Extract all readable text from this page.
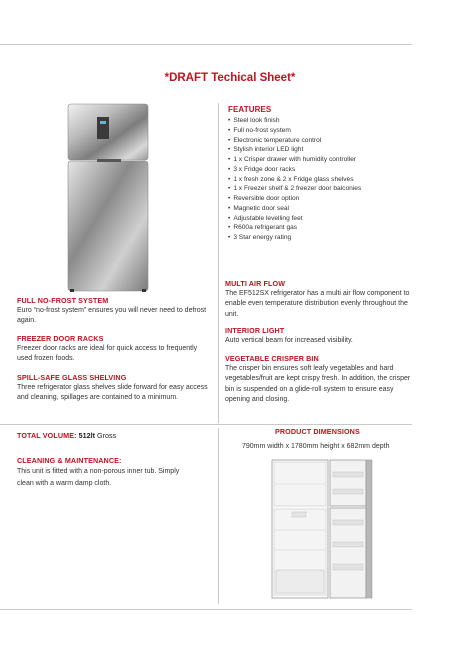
*DRAFT Techical Sheet*
FEATURES
• Steel look finish
• Full no-frost system
• Electronic temperature control
• Stylish interior LED light
• 1 x Crisper drawer with humidity controller
• 3 x Fridge door racks
• 1 x fresh zone & 2 x Fridge glass shelves
• 1 x Freezer shelf & 2 freezer door balconies
• Reversible door option
• Magnetic door seal
• Adjustable levelling feet
• R600a refrigerant gas
• 3 Star energy rating
FULL NO-FROST SYSTEM
Euro “no-frost system” ensures you will never need to defrost again.
FREEZER DOOR RACKS
Freezer door racks are ideal for quick access to frequently used frozen foods.
SPILL-SAFE GLASS SHELVING
Three refrigerator glass shelves slide forward for easy access and cleaning, spillages are contained to a minimum.
MULTI AIR FLOW
The EF512SX refrigerator has a multi air flow component to enable even temperature distribution evenly throughout the unit.
INTERIOR LIGHT
Auto vertical beam for increased visibility.
VEGETABLE CRISPER BIN
The crisper bin ensures soft leafy vegetables and hard vegetables/fruit are kept crispy fresh. In addition, the crisper bin is suspended on a glide-roll system to ensure easy opening and closing.
TOTAL VOLUME: 512lt Gross
CLEANING & MAINTENANCE:
This unit is fitted with a non-porous inner tub. Simply clean with a warm damp cloth.
PRODUCT DIMENSIONS
790mm width x 1780mm height x 682mm depth
